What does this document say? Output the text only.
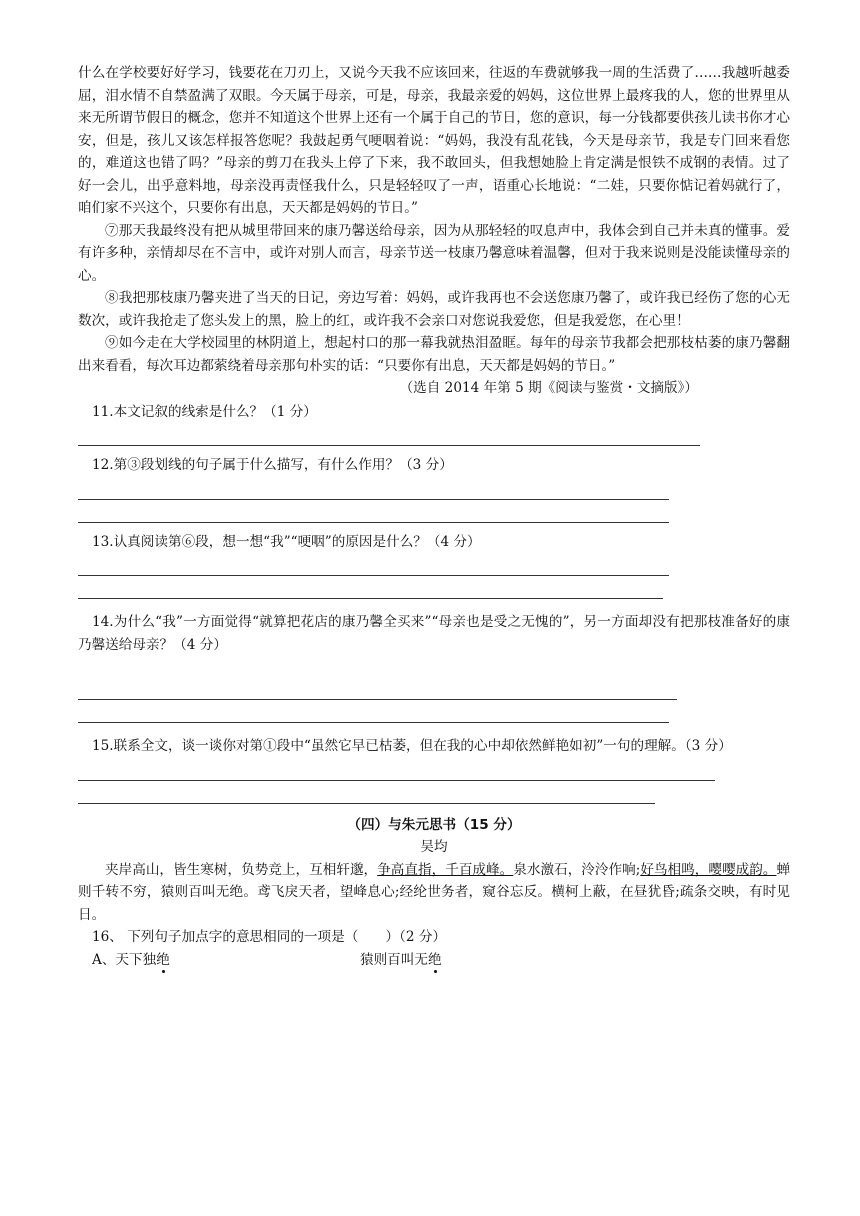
什么在学校要好好学习，钱要花在刀刃上，又说今天我不应该回来，往返的车费就够我一周的生活费了……我越听越委屈，泪水情不自禁盈满了双眼。今天属于母亲，可是，母亲，我最亲爱的妈妈，这位世界上最疼我的人，您的世界里从来无所谓节假日的概念，您并不知道这个世界上还有一个属于自己的节日，您的意识，每一分钱都要供孩儿读书你才心安，但是，孩儿又该怎样报答您呢？我鼓起勇气哽咽着说：“妈妈，我没有乱花钱，今天是母亲节，我是专门回来看您的，难道这也错了吗？”母亲的剪刀在我头上停了下来，我不敢回头，但我想她脸上肯定满是恨铁不成钢的表情。过了好一会儿，出乎意料地，母亲没再责怪我什么，只是轻轻叹了一声，语重心长地说：“二娃，只要你惦记着妈就行了，咱们家不兴这个，只要你有出息，天天都是妈妈的节日。”

⑦那天我最终没有把从城里带回来的康乃馨送给母亲，因为从那轻轻的叹息声中，我体会到自己并未真的懂事。爱有许多种，亲情却尽在不言中，或许对别人而言，母亲节送一枝康乃馨意味着温馨，但对于我来说则是没能读懂母亲的心。

⑧我把那枝康乃馨夹进了当天的日记，旁边写着：妈妈，或许我再也不会送您康乃馨了，或许我已经伤了您的心无数次，或许我抢走了您头发上的黑，脸上的红，或许我不会亲口对您说我爱您，但是我爱您，在心里！

⑨如今走在大学校园里的林阴道上，想起村口的那一幕我就热泪盈眶。每年的母亲节我都会把那枝枯萎的康乃馨翻出来看看，每次耳边都萦绕着母亲那句朴实的话：“只要你有出息，天天都是妈妈的节日。”

（选自 2014 年第 5 期《阅读与鉴赏・文摘版》）

11.本文记叙的线索是什么？（1 分）

12.第③段划线的句子属于什么描写，有什么作用？（3 分）

13.认真阅读第⑥段，想一想“我”“哽咽”的原因是什么？（4 分）

14.为什么“我”一方面觉得“就算把花店的康乃馨全买来”“母亲也是受之无愧的”，另一方面却没有把那枝准备好的康乃馨送给母亲？（4 分）

15.联系全文，谈一谈你对第①段中“虽然它早已枯萎，但在我的心中却依然鲜艳如初”一句的理解。（3 分）

（四）与朱元思书（15 分）
吴均

夹岸高山，皆生寒树，负势竞上，互相轩邈，争高直指，千百成峰。泉水激石，泠泠作响;好鸟相鸣，嘤嘤成韵。蝉则千转不穷，猿则百叫无绝。鸢飞戾天者，望峰息心;经纶世务者，窥谷忘反。横柯上蔽，在昼犹昏;疏条交映，有时见日。

16、 下列句子加点字的意思相同的一项是（　　）（2 分）

A、天下独绝	猿则百叫无绝
